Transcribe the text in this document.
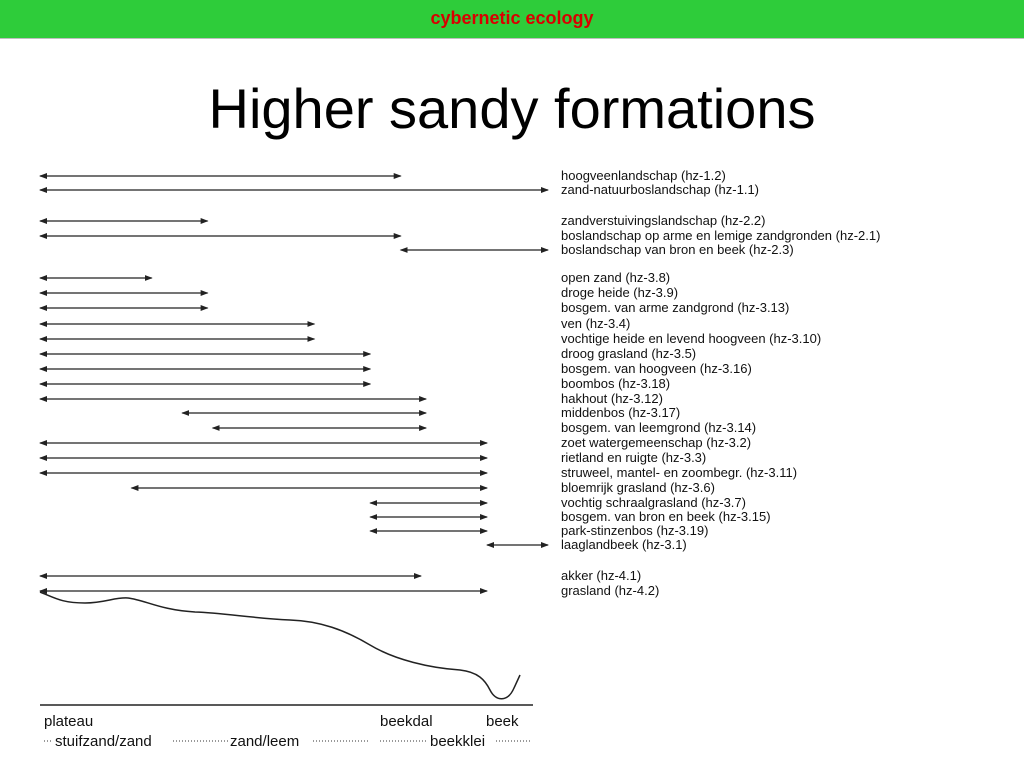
cybernetic ecology
Higher sandy formations
hoogveenlandschap (hz-1.2)
zand-natuurboslandschap (hz-1.1)
zandverstuivingslandschap (hz-2.2)
boslandschap op arme en lemige zandgronden (hz-2.1)
boslandschap van bron en beek (hz-2.3)
open zand (hz-3.8)
droge heide (hz-3.9)
bosgem. van arme zandgrond (hz-3.13)
ven (hz-3.4)
vochtige heide en levend hoogveen (hz-3.10)
droog grasland (hz-3.5)
bosgem. van hoogveen (hz-3.16)
boombos (hz-3.18)
hakhout (hz-3.12)
middenbos (hz-3.17)
bosgem. van leemgrond (hz-3.14)
zoet watergemeenschap (hz-3.2)
rietland en ruigte (hz-3.3)
struweel, mantel- en zoombegr. (hz-3.11)
bloemrijk grasland (hz-3.6)
vochtig schraalgrasland (hz-3.7)
bosgem. van bron en beek (hz-3.15)
park-stinzenbos (hz-3.19)
laaglandbeek (hz-3.1)
akker (hz-4.1)
grasland (hz-4.2)
plateau	beekdal	beek
stuifzand/zand	zand/leem	beekklei
